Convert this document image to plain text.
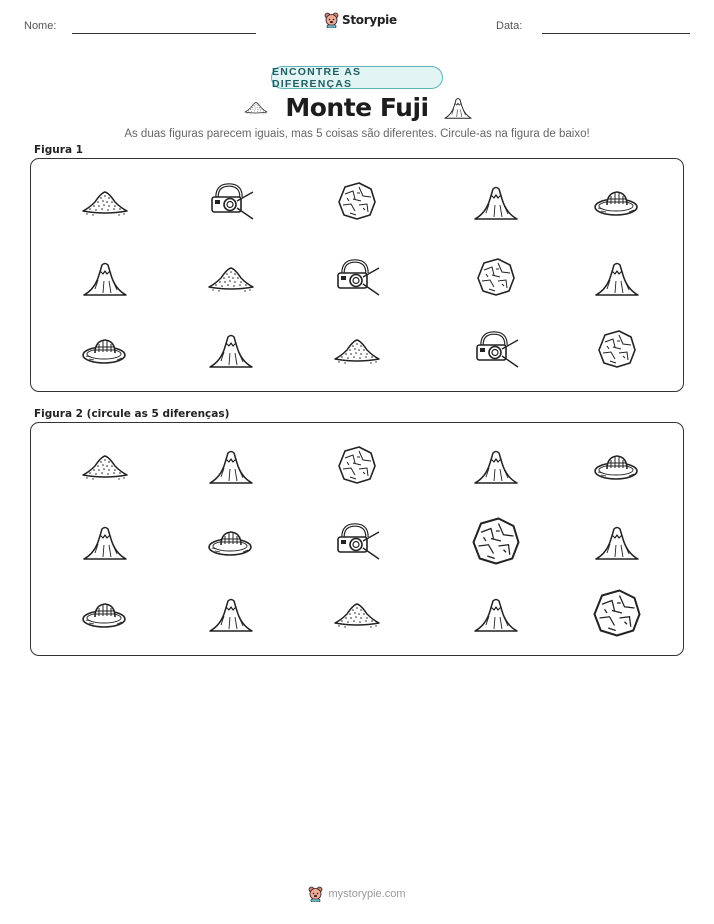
Nome:	Storypie	Data:
ENCONTRE AS DIFERENÇAS
Monte Fuji
As duas figuras parecem iguais, mas 5 coisas são diferentes. Circule-as na figura de baixo!
Figura 1
Figura 2 (circule as 5 diferenças)
mystorypie.com
